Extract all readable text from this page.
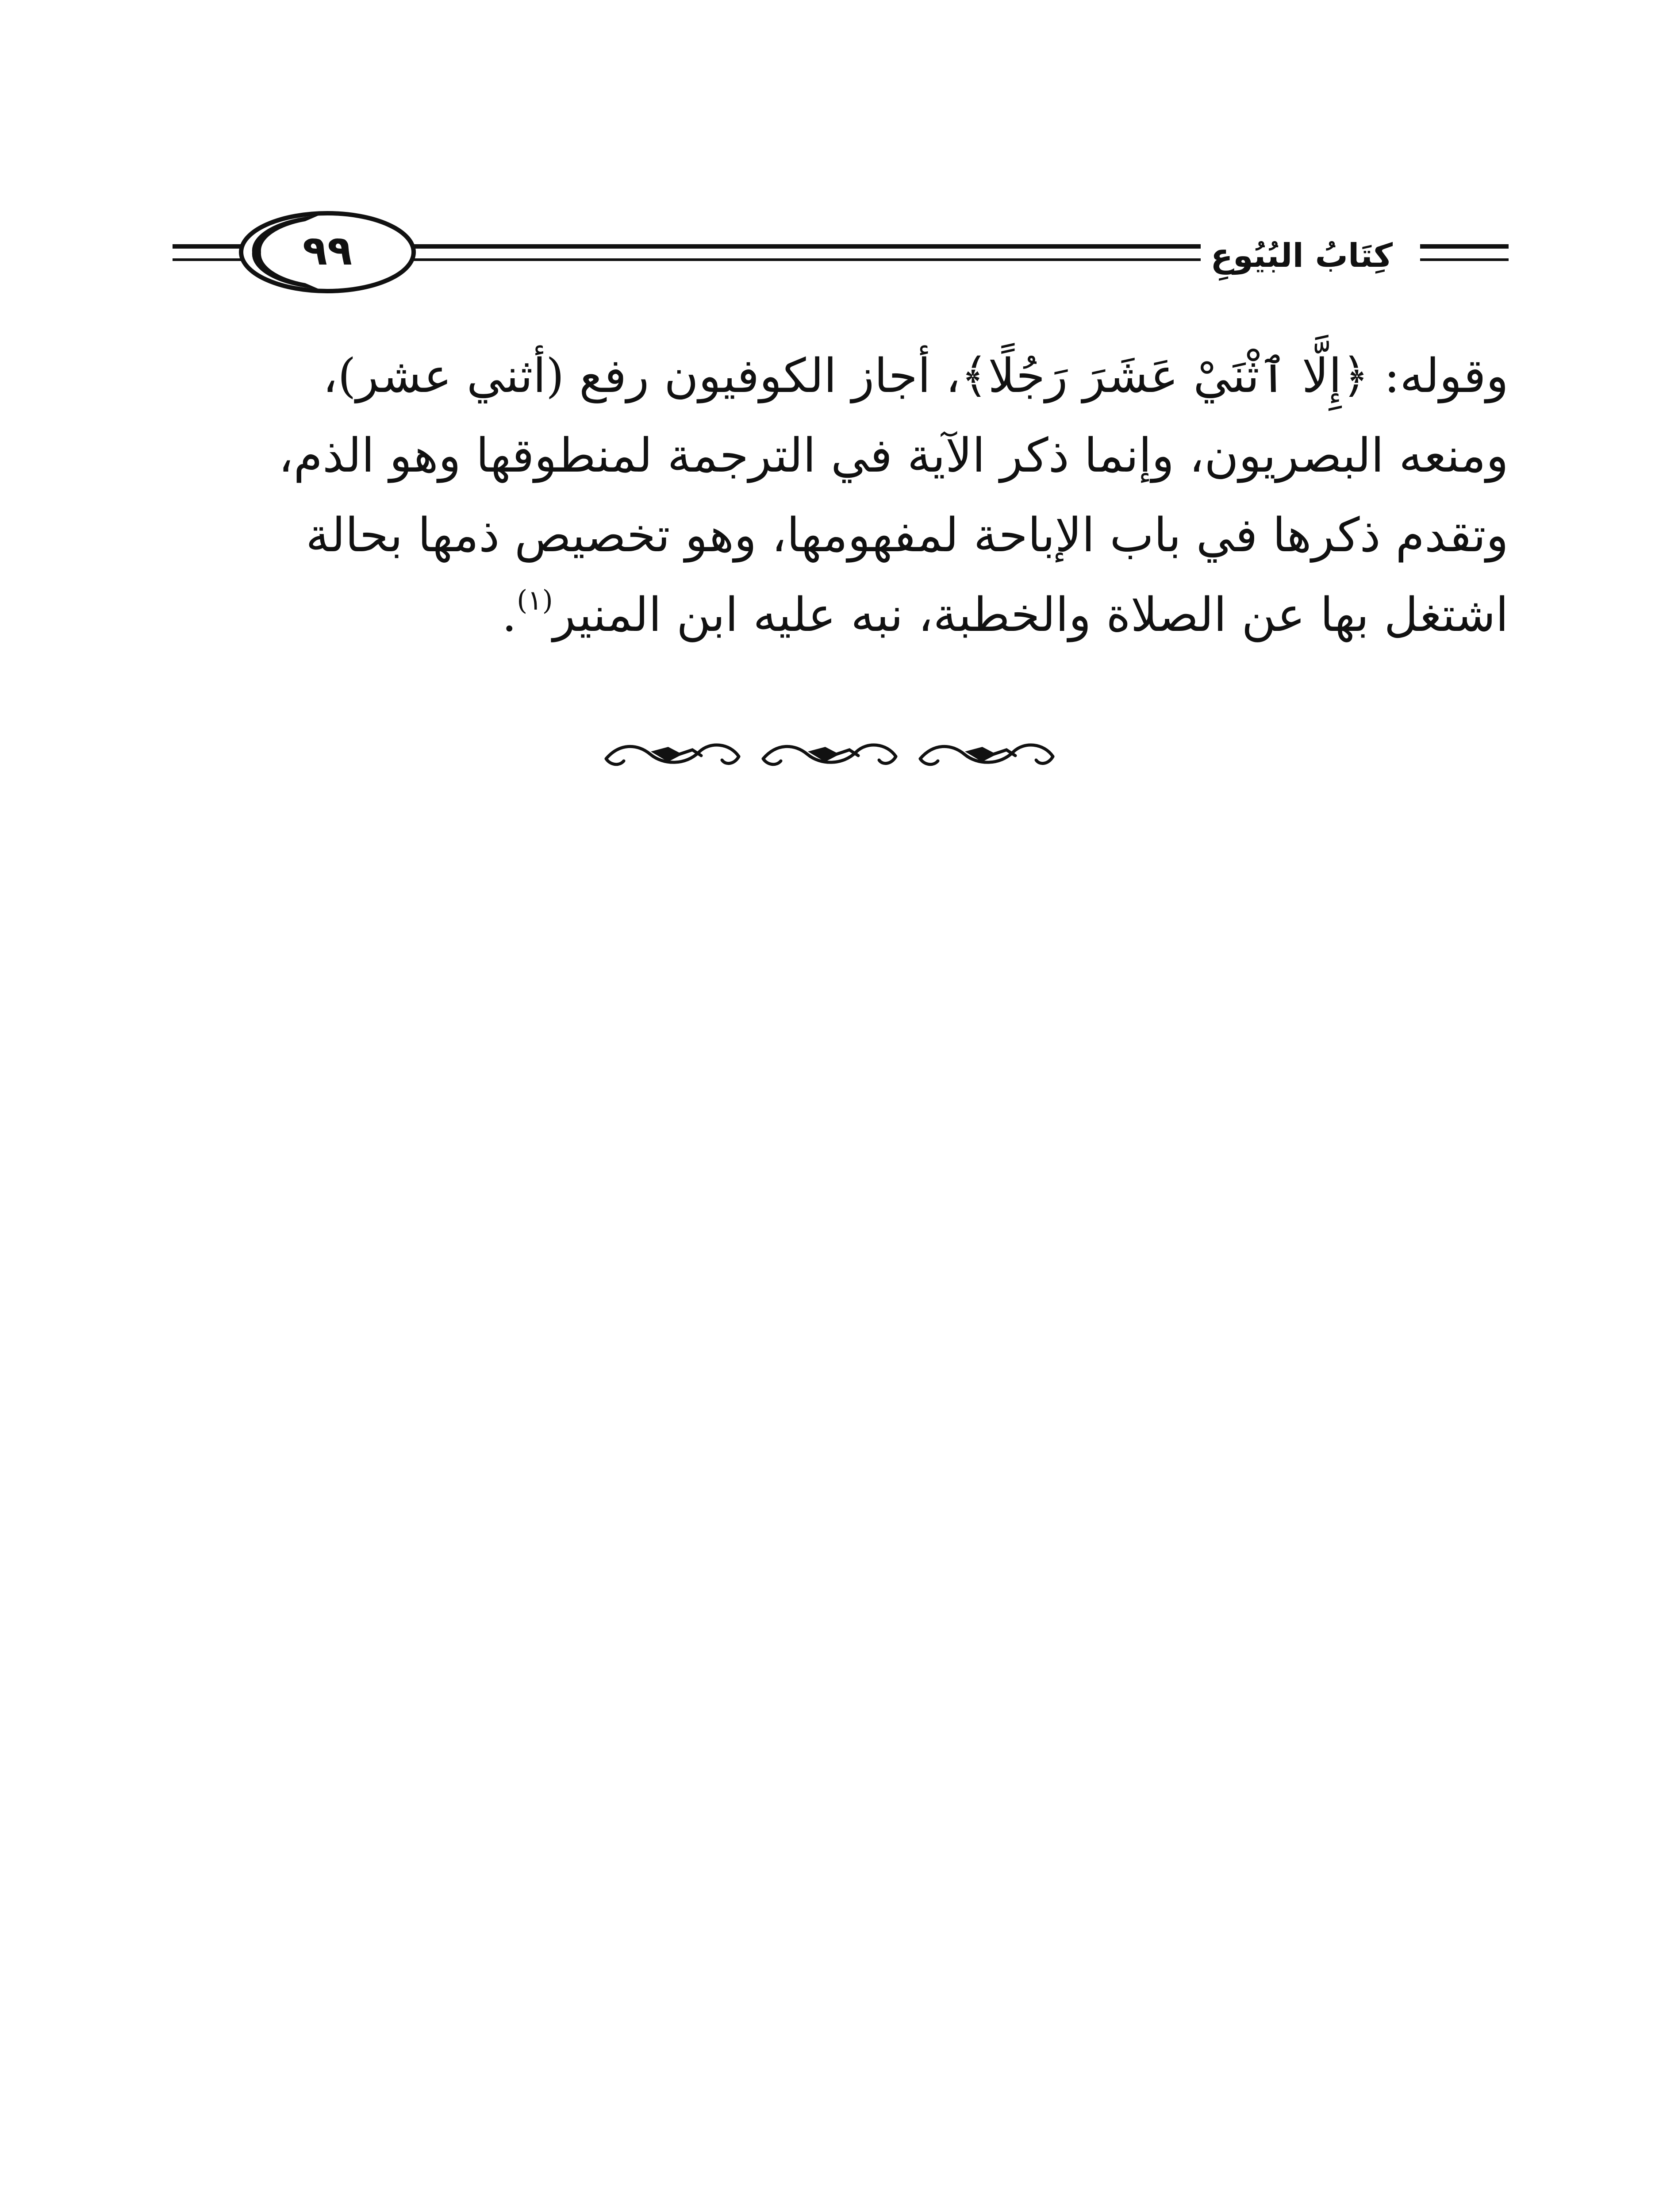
٩٩	كِتَابُ البُيُوعِ
وقوله: ﴿إِلَّا ٱثْنَيْ عَشَرَ رَجُلًا﴾، أجاز الكوفيون رفع (أثني عشر)،
ومنعه البصريون، وإنما ذكر الآية في الترجمة لمنطوقها وهو الذم،
وتقدم ذكرها في باب الإباحة لمفهومها، وهو تخصيص ذمها بحالة
اشتغل بها عن الصلاة والخطبة، نبه عليه ابن المنير$^{(١)}$.
